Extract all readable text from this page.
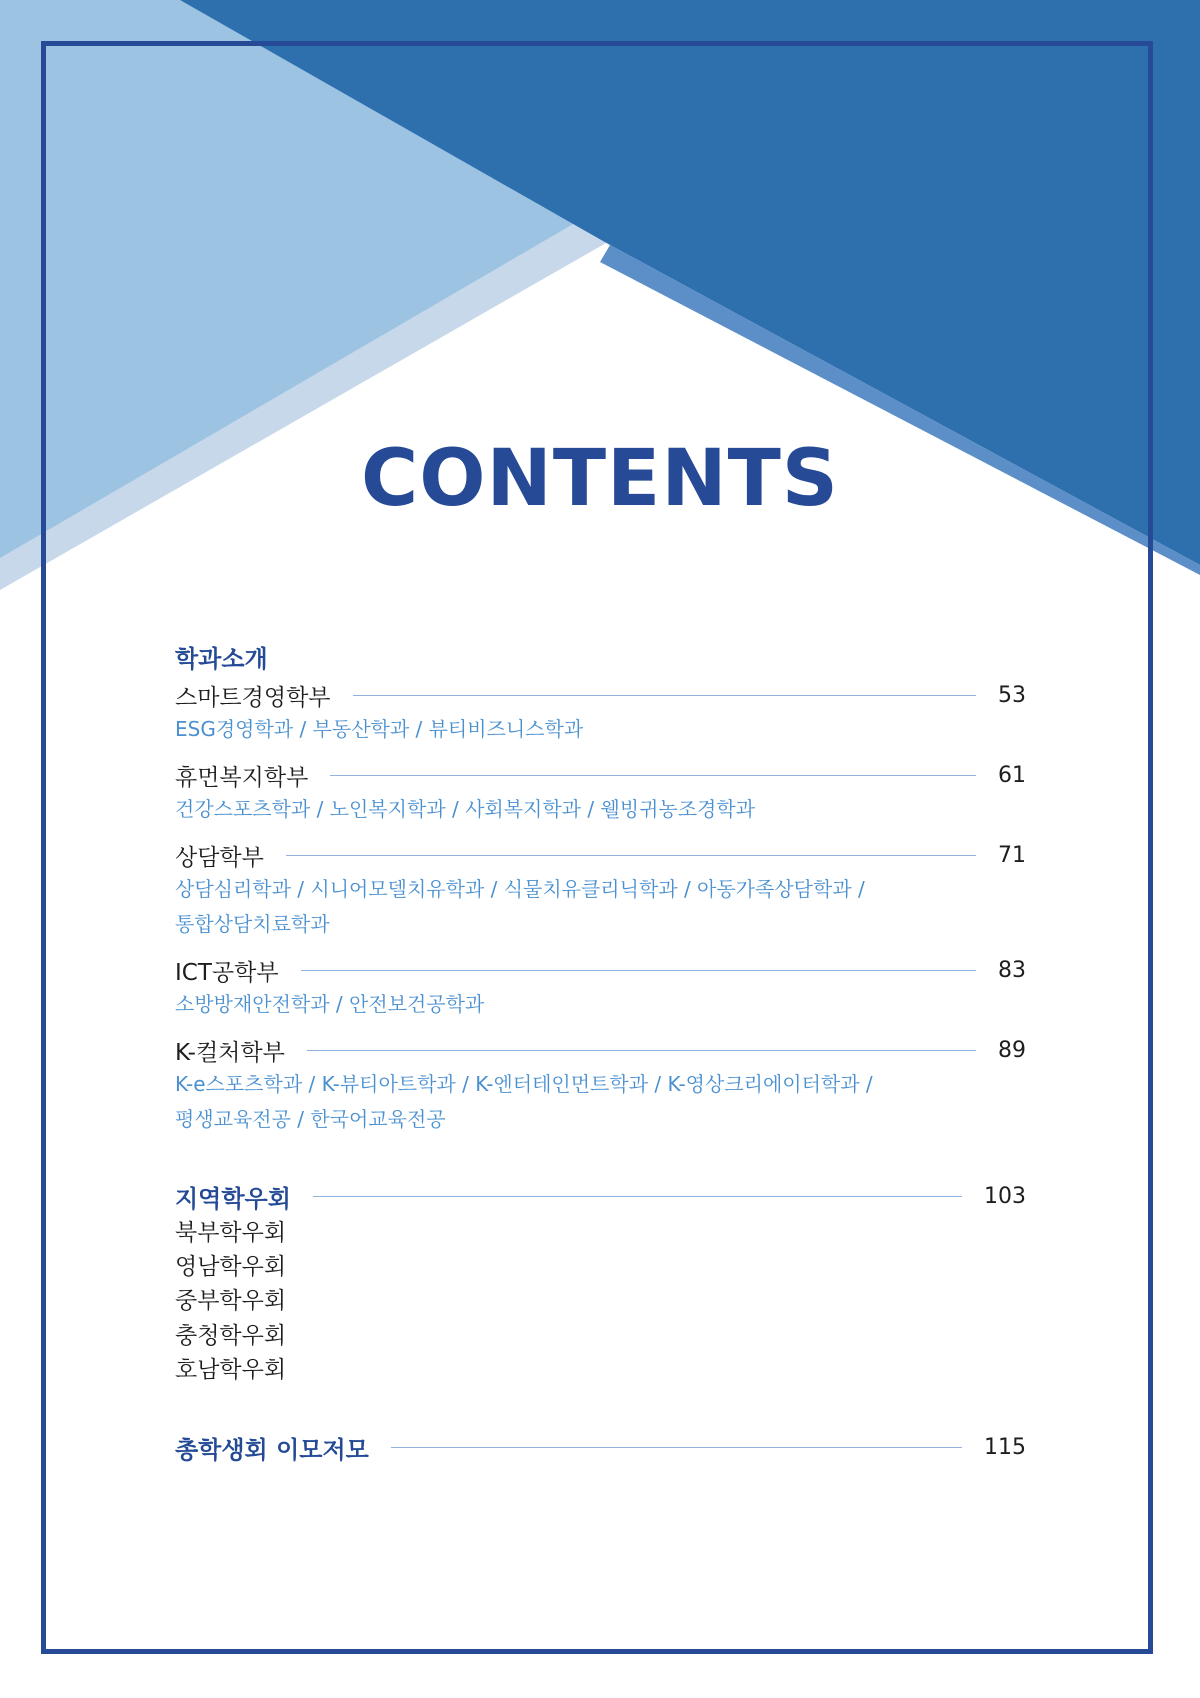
CONTENTS
학과소개
스마트경영학부	53
ESG경영학과 / 부동산학과 / 뷰티비즈니스학과
휴먼복지학부	61
건강스포츠학과 / 노인복지학과 / 사회복지학과 / 웰빙귀농조경학과
상담학부	71
상담심리학과 / 시니어모델치유학과 / 식물치유클리닉학과 / 아동가족상담학과 /
통합상담치료학과
ICT공학부	83
소방방재안전학과 / 안전보건공학과
K-컬처학부	89
K-e스포츠학과 / K-뷰티아트학과 / K-엔터테인먼트학과 / K-영상크리에이터학과 /
평생교육전공 / 한국어교육전공
지역학우회	103
북부학우회
영남학우회
중부학우회
충청학우회
호남학우회
총학생회 이모저모	115
